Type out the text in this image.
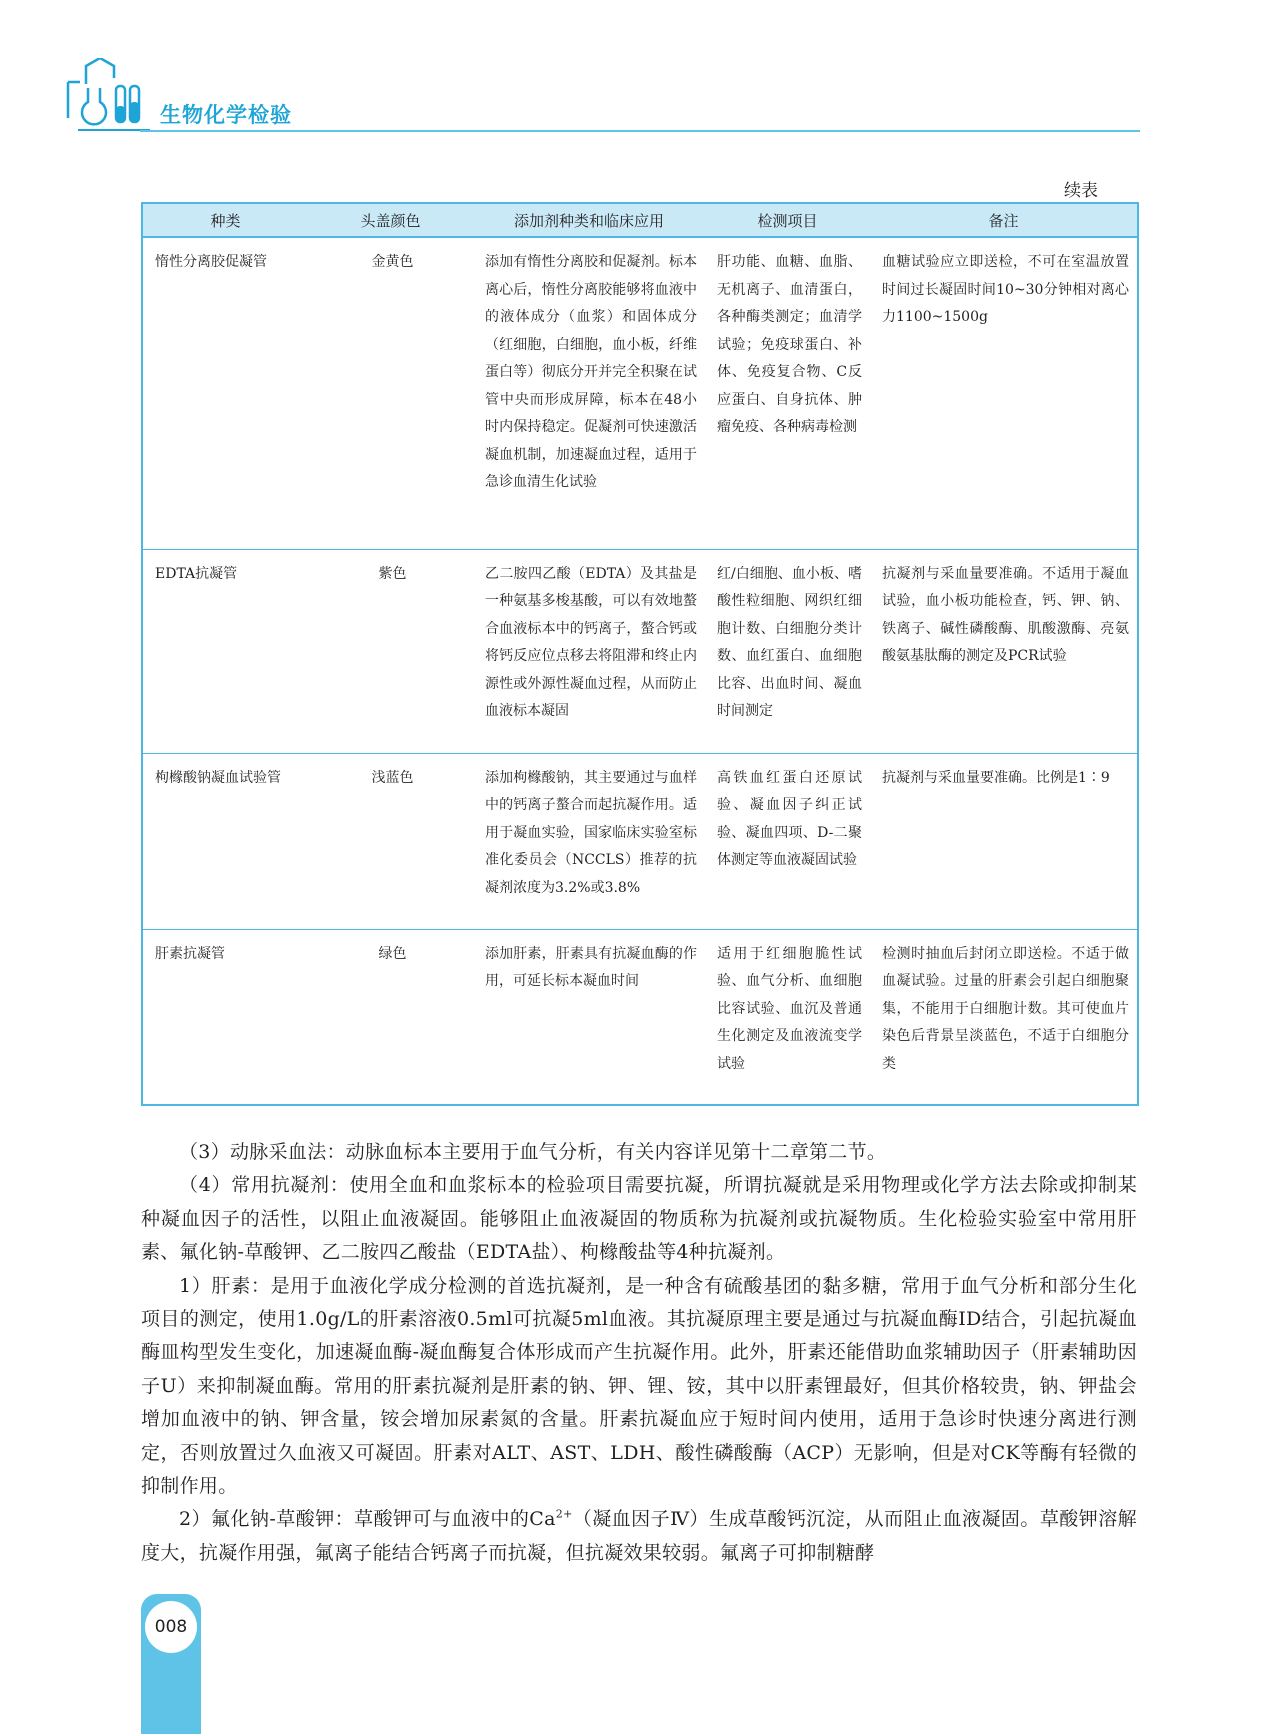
生物化学检验
续表
种类	头盖颜色	添加剂种类和临床应用	检测项目	备注
惰性分离胶促凝管	金黄色	添加有惰性分离胶和促凝剂。标本离心后，惰性分离胶能够将血液中的液体成分（血浆）和固体成分（红细胞，白细胞，血小板，纤维蛋白等）彻底分开并完全积聚在试管中央而形成屏障，标本在48小时内保持稳定。促凝剂可快速激活凝血机制，加速凝血过程，适用于急诊血清生化试验	肝功能、血糖、血脂、无机离子、血清蛋白，各种酶类测定；血清学试验；免疫球蛋白、补体、免疫复合物、C反应蛋白、自身抗体、肿瘤免疫、各种病毒检测	血糖试验应立即送检，不可在室温放置时间过长凝固时间10~30分钟相对离心力1100~1500g
EDTA抗凝管	紫色	乙二胺四乙酸（EDTA）及其盐是一种氨基多梭基酸，可以有效地螯合血液标本中的钙离子，螯合钙或将钙反应位点移去将阻滞和终止内源性或外源性凝血过程，从而防止血液标本凝固	红/白细胞、血小板、嗜酸性粒细胞、网织红细胞计数、白细胞分类计数、血红蛋白、血细胞比容、出血时间、凝血时间测定	抗凝剂与采血量要准确。不适用于凝血试验，血小板功能检查，钙、钾、钠、铁离子、碱性磷酸酶、肌酸激酶、亮氨酸氨基肽酶的测定及PCR试验
枸橼酸钠凝血试验管	浅蓝色	添加枸橼酸钠，其主要通过与血样中的钙离子螯合而起抗凝作用。适用于凝血实验，国家临床实验室标准化委员会（NCCLS）推荐的抗凝剂浓度为3.2%或3.8%	高铁血红蛋白还原试验、凝血因子纠正试验、凝血四项、D-二聚体测定等血液凝固试验	抗凝剂与采血量要准确。比例是1∶9
肝素抗凝管	绿色	添加肝素，肝素具有抗凝血酶的作用，可延长标本凝血时间	适用于红细胞脆性试验、血气分析、血细胞比容试验、血沉及普通生化测定及血液流变学试验	检测时抽血后封闭立即送检。不适于做血凝试验。过量的肝素会引起白细胞聚集，不能用于白细胞计数。其可使血片染色后背景呈淡蓝色，不适于白细胞分类

（3）动脉采血法：动脉血标本主要用于血气分析，有关内容详见第十二章第二节。

（4）常用抗凝剂：使用全血和血浆标本的检验项目需要抗凝，所谓抗凝就是采用物理或化学方法去除或抑制某种凝血因子的活性，以阻止血液凝固。能够阻止血液凝固的物质称为抗凝剂或抗凝物质。生化检验实验室中常用肝素、氟化钠-草酸钾、乙二胺四乙酸盐（EDTA盐）、枸橼酸盐等4种抗凝剂。

1）肝素：是用于血液化学成分检测的首选抗凝剂，是一种含有硫酸基团的黏多糖，常用于血气分析和部分生化项目的测定，使用1.0g/L的肝素溶液0.5ml可抗凝5ml血液。其抗凝原理主要是通过与抗凝血酶ID结合，引起抗凝血酶皿构型发生变化，加速凝血酶-凝血酶复合体形成而产生抗凝作用。此外，肝素还能借助血浆辅助因子（肝素辅助因子U）来抑制凝血酶。常用的肝素抗凝剂是肝素的钠、钾、锂、铵，其中以肝素锂最好，但其价格较贵，钠、钾盐会增加血液中的钠、钾含量，铵会增加尿素氮的含量。肝素抗凝血应于短时间内使用，适用于急诊时快速分离进行测定，否则放置过久血液又可凝固。肝素对ALT、AST、LDH、酸性磷酸酶（ACP）无影响，但是对CK等酶有轻微的抑制作用。

2）氟化钠-草酸钾：草酸钾可与血液中的$Ca^{2+}$（凝血因子Ⅳ）生成草酸钙沉淀，从而阻止血液凝固。草酸钾溶解度大，抗凝作用强，氟离子能结合钙离子而抗凝，但抗凝效果较弱。氟离子可抑制糖酵

008
